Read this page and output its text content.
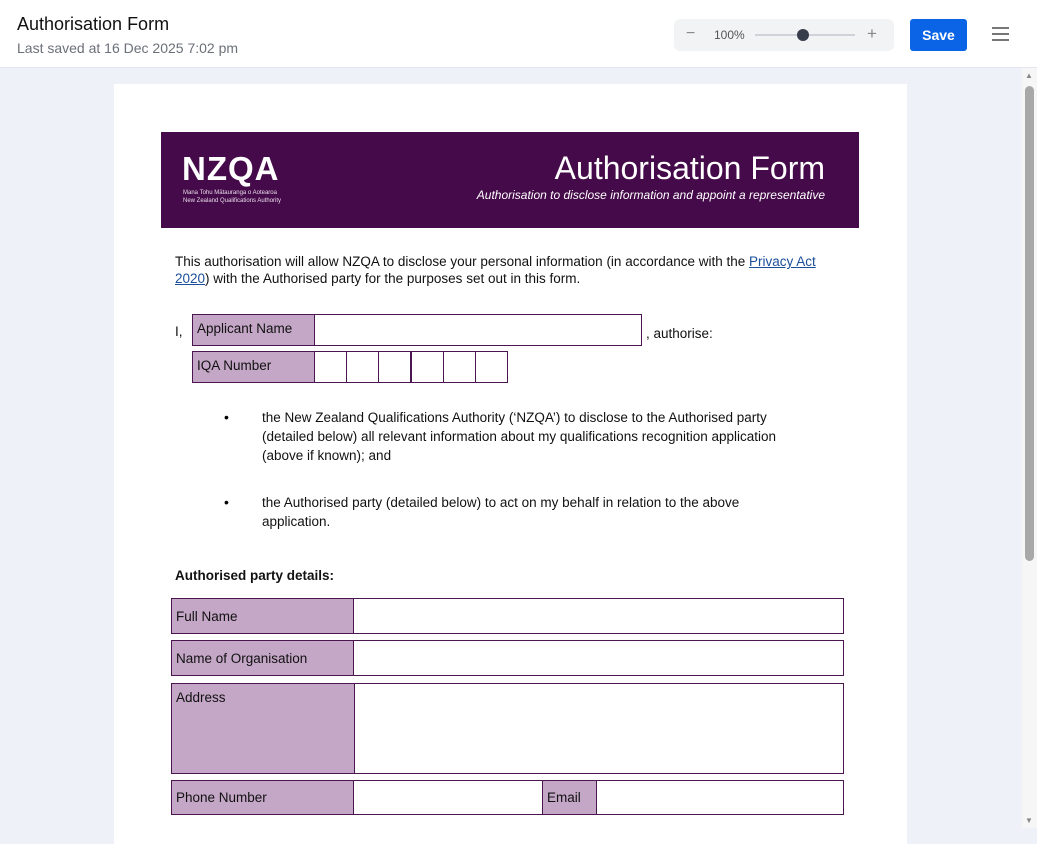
Authorisation Form
Last saved at 16 Dec 2025 7:02 pm
− 100%	+	Save
NZQA
Mana Tohu Mātauranga o Aotearoa
New Zealand Qualifications Authority
Authorisation Form
Authorisation to disclose information and appoint a representative
This authorisation will allow NZQA to disclose your personal information (in accordance with the Privacy Act 2020) with the Authorised party for the purposes set out in this form.
I,	Applicant Name	, authorise:
IQA Number
• the New Zealand Qualifications Authority (‘NZQA’) to disclose to the Authorised party (detailed below) all relevant information about my qualifications recognition application (above if known); and
• the Authorised party (detailed below) to act on my behalf in relation to the above application.
Authorised party details:
Full Name
Name of Organisation
Address
Phone Number	Email
▲
▼
